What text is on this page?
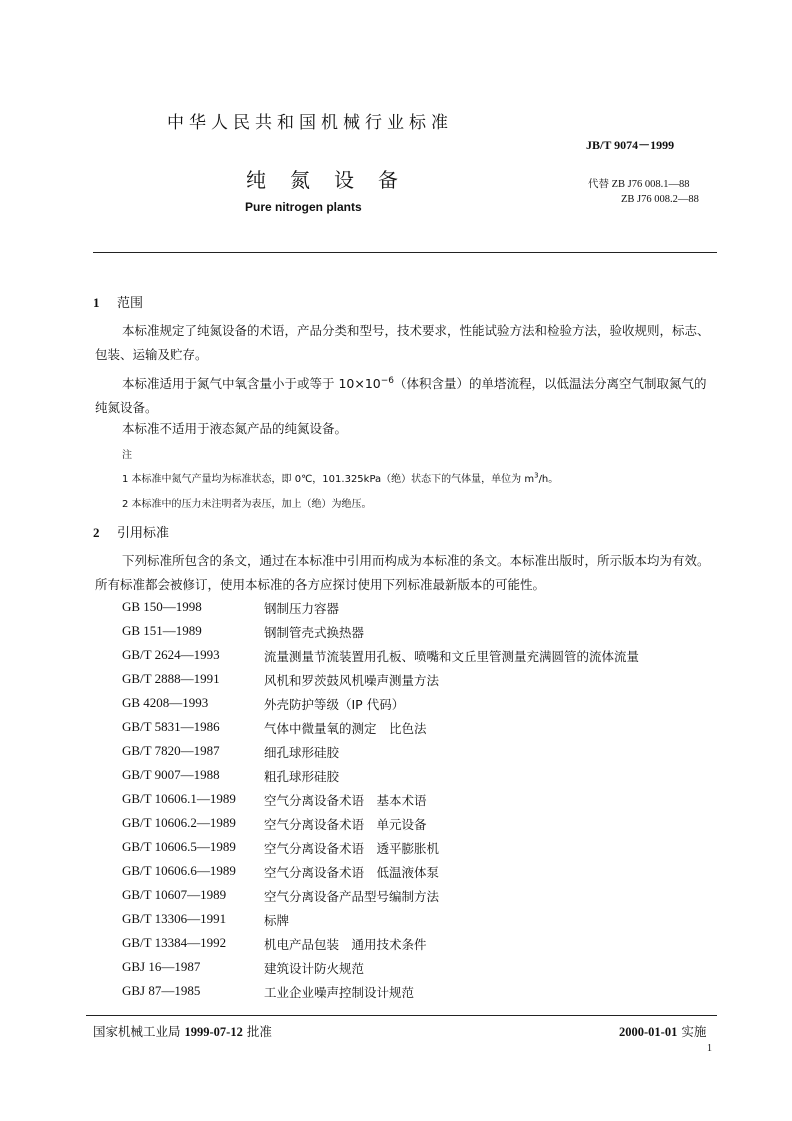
中华人民共和国机械行业标准
JB/T 9074－1999
纯氮设备
Pure nitrogen plants
代替 ZB J76 008.1—88
ZB J76 008.2—88
1 范围
本标准规定了纯氮设备的术语，产品分类和型号，技术要求，性能试验方法和检验方法，验收规则，标志、包装、运输及贮存。
本标准适用于氮气中氧含量小于或等于 $10\times 10^{-6}$（体积含量）的单塔流程，以低温法分离空气制取氮气的纯氮设备。
本标准不适用于液态氮产品的纯氮设备。
注
1 本标准中氮气产量均为标准状态，即 0℃，101.325kPa（绝）状态下的气体量，单位为 $m^3/h$。
2 本标准中的压力未注明者为表压，加上（绝）为绝压。
2 引用标准
下列标准所包含的条文，通过在本标准中引用而构成为本标准的条文。本标准出版时，所示版本均为有效。所有标准都会被修订，使用本标准的各方应探讨使用下列标准最新版本的可能性。
GB 150—1998	钢制压力容器
GB 151—1989	钢制管壳式换热器
GB/T 2624—1993	流量测量节流装置用孔板、喷嘴和文丘里管测量充满圆管的流体流量
GB/T 2888—1991	风机和罗茨鼓风机噪声测量方法
GB 4208—1993	外壳防护等级（IP 代码）
GB/T 5831—1986	气体中微量氧的测定　比色法
GB/T 7820—1987	细孔球形硅胶
GB/T 9007—1988	粗孔球形硅胶
GB/T 10606.1—1989 空气分离设备术语　基本术语
GB/T 10606.2—1989 空气分离设备术语　单元设备
GB/T 10606.5—1989 空气分离设备术语　透平膨胀机
GB/T 10606.6—1989 空气分离设备术语　低温液体泵
GB/T 10607—1989	空气分离设备产品型号编制方法
GB/T 13306—1991	标牌
GB/T 13384—1992	机电产品包装　通用技术条件
GBJ 16—1987	建筑设计防火规范
GBJ 87—1985	工业企业噪声控制设计规范
国家机械工业局 1999-07-12 批准	2000-01-01 实施
1
